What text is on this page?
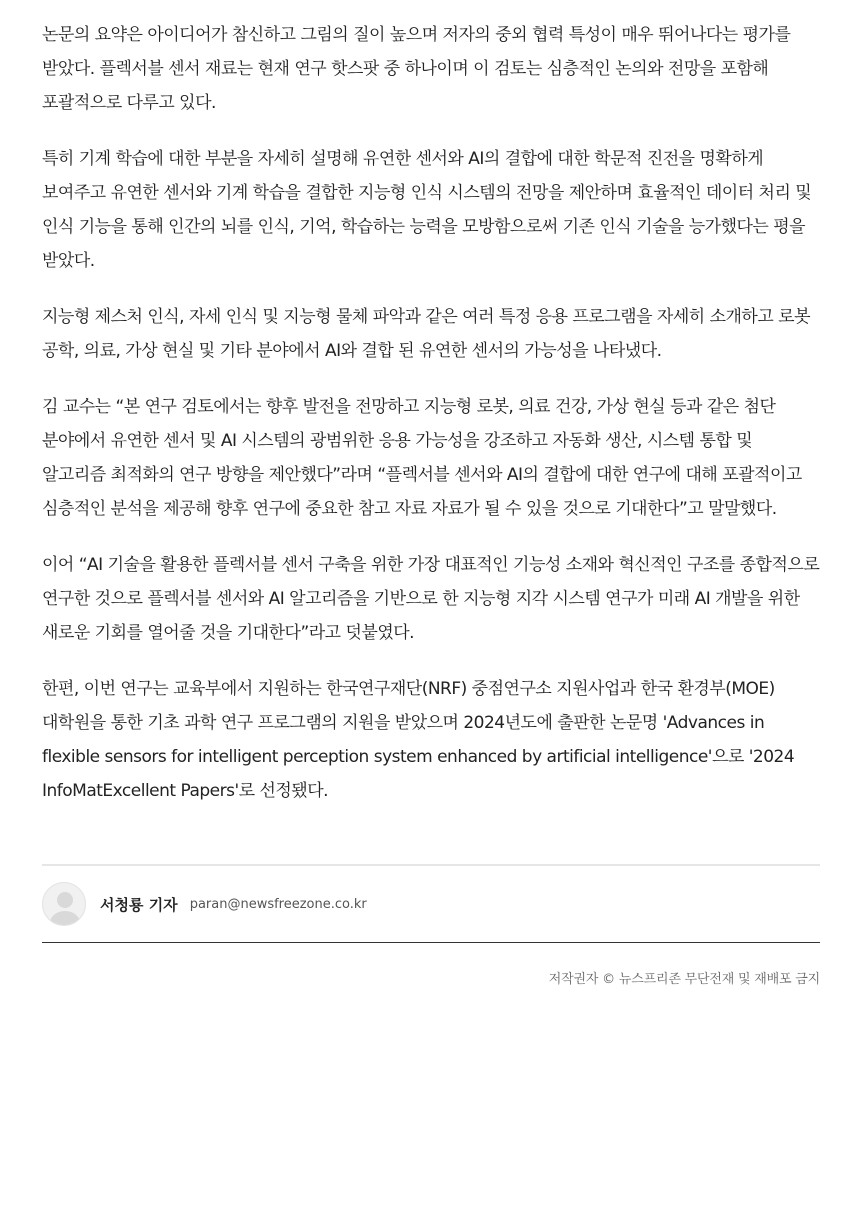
논문의 요약은 아이디어가 참신하고 그림의 질이 높으며 저자의 중외 협력 특성이 매우 뛰어나다는 평가를 받았다. 플렉서블 센서 재료는 현재 연구 핫스팟 중 하나이며 이 검토는 심층적인 논의와 전망을 포함해 포괄적으로 다루고 있다.

특히 기계 학습에 대한 부분을 자세히 설명해 유연한 센서와 AI의 결합에 대한 학문적 진전을 명확하게 보여주고 유연한 센서와 기계 학습을 결합한 지능형 인식 시스템의 전망을 제안하며 효율적인 데이터 처리 및 인식 기능을 통해 인간의 뇌를 인식, 기억, 학습하는 능력을 모방함으로써 기존 인식 기술을 능가했다는 평을 받았다.

지능형 제스처 인식, 자세 인식 및 지능형 물체 파악과 같은 여러 특정 응용 프로그램을 자세히 소개하고 로봇 공학, 의료, 가상 현실 및 기타 분야에서 AI와 결합 된 유연한 센서의 가능성을 나타냈다.

김 교수는 “본 연구 검토에서는 향후 발전을 전망하고 지능형 로봇, 의료 건강, 가상 현실 등과 같은 첨단 분야에서 유연한 센서 및 AI 시스템의 광범위한 응용 가능성을 강조하고 자동화 생산, 시스템 통합 및 알고리즘 최적화의 연구 방향을 제안했다”라며 “플렉서블 센서와 AI의 결합에 대한 연구에 대해 포괄적이고 심층적인 분석을 제공해 향후 연구에 중요한 참고 자료 자료가 될 수 있을 것으로 기대한다”고 말말했다.

이어 “AI 기술을 활용한 플렉서블 센서 구축을 위한 가장 대표적인 기능성 소재와 혁신적인 구조를 종합적으로 연구한 것으로 플렉서블 센서와 AI 알고리즘을 기반으로 한 지능형 지각 시스템 연구가 미래 AI 개발을 위한 새로운 기회를 열어줄 것을 기대한다”라고 덧붙였다.

한편, 이번 연구는 교육부에서 지원하는 한국연구재단(NRF) 중점연구소 지원사업과 한국 환경부(MOE) 대학원을 통한 기초 과학 연구 프로그램의 지원을 받았으며 2024년도에 출판한 논문명 'Advances in flexible sensors for intelligent perception system enhanced by artificial intelligence'으로 '2024 InfoMatExcellent Papers'로 선정됐다.

서청룡 기자 paran@newsfreezone.co.kr
저작권자 © 뉴스프리존 무단전재 및 재배포 금지
